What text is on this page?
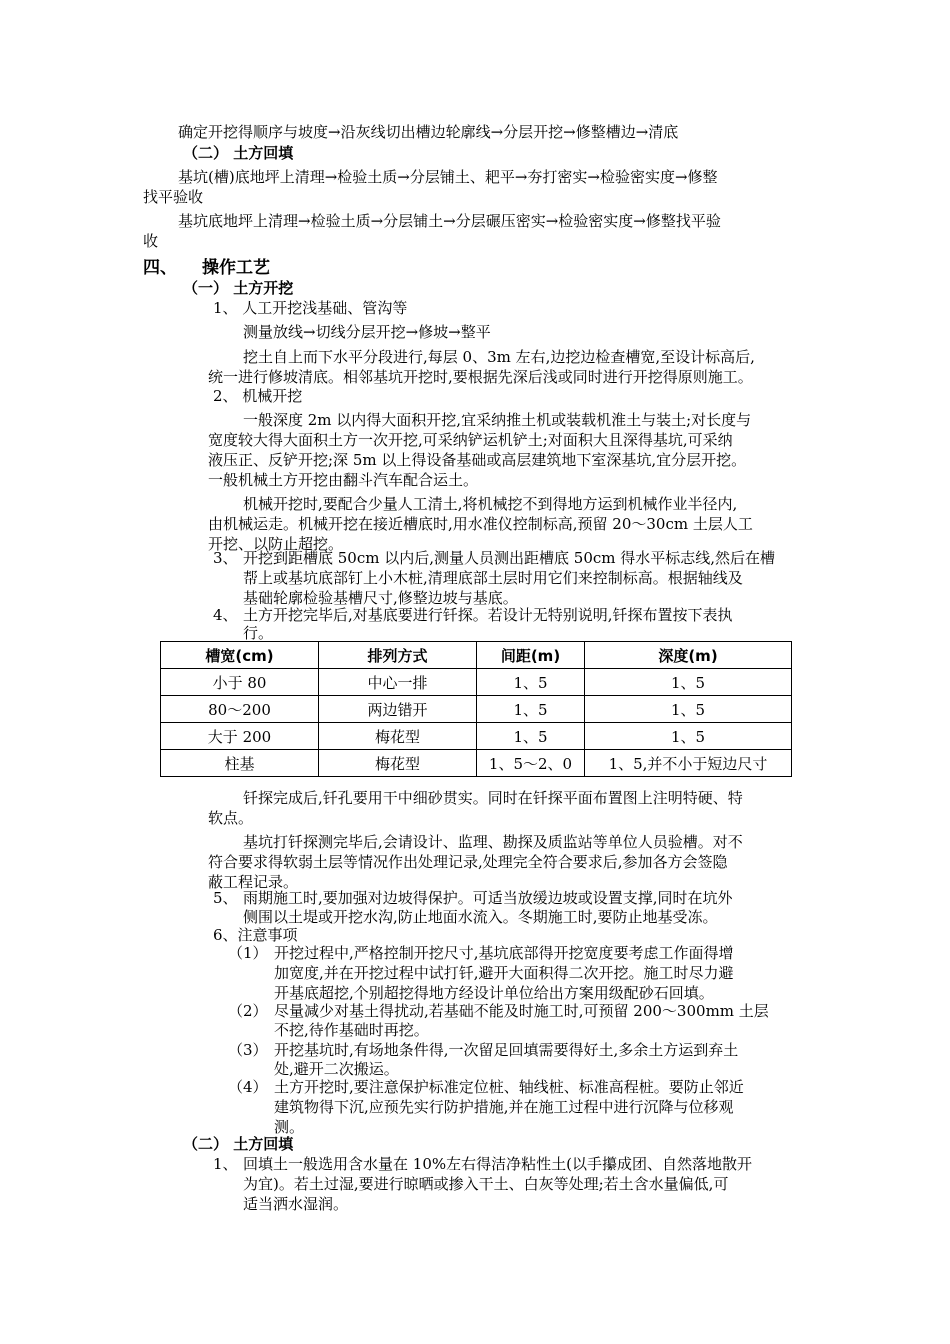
确定开挖得顺序与坡度→沿灰线切出槽边轮廓线→分层开挖→修整槽边→清底
（二） 土方回填
基坑(槽)底地坪上清理→检验土质→分层铺土、耙平→夯打密实→检验密实度→修整
找平验收
基坑底地坪上清理→检验土质→分层铺土→分层碾压密实→检验密实度→修整找平验
收
四、 操作工艺
（一） 土方开挖
1、 人工开挖浅基础、管沟等
测量放线→切线分层开挖→修坡→整平
挖土自上而下水平分段进行,每层 0、3m 左右,边挖边检查槽宽,至设计标高后,
统一进行修坡清底。相邻基坑开挖时,要根据先深后浅或同时进行开挖得原则施工。
2、 机械开挖
一般深度 2m 以内得大面积开挖,宜采纳推土机或装载机淮土与装土;对长度与
宽度较大得大面积土方一次开挖,可采纳铲运机铲土;对面积大且深得基坑,可采纳
液压正、反铲开挖;深 5m 以上得设备基础或高层建筑地下室深基坑,宜分层开挖。
一般机械土方开挖由翻斗汽车配合运土。
机械开挖时,要配合少量人工清土,将机械挖不到得地方运到机械作业半径内,
由机械运走。机械开挖在接近槽底时,用水准仪控制标高,预留 20～30cm 土层人工
开挖、以防止超挖。
3、 开挖到距槽底 50cm 以内后,测量人员测出距槽底 50cm 得水平标志线,然后在槽
帮上或基坑底部钉上小木桩,清理底部土层时用它们来控制标高。根据轴线及
基础轮廓检验基槽尺寸,修整边坡与基底。
4、 土方开挖完毕后,对基底要进行钎探。若设计无特别说明,钎探布置按下表执
行。
槽宽(cm)	排列方式	间距(m)	深度(m)
小于 80	中心一排	1、5	1、5
80～200	两边错开	1、5	1、5
大于 200	梅花型	1、5	1、5
柱基	梅花型	1、5～2、0	1、5,并不小于短边尺寸
钎探完成后,钎孔要用干中细砂贯实。同时在钎探平面布置图上注明特硬、特
软点。
基坑打钎探测完毕后,会请设计、监理、勘探及质监站等单位人员验槽。对不
符合要求得软弱土层等情况作出处理记录,处理完全符合要求后,参加各方会签隐
蔽工程记录。
5、 雨期施工时,要加强对边坡得保护。可适当放缓边坡或设置支撑,同时在坑外
侧围以土堤或开挖水沟,防止地面水流入。冬期施工时,要防止地基受冻。
6、注意事项
（1） 开挖过程中,严格控制开挖尺寸,基坑底部得开挖宽度要考虑工作面得增
加宽度,并在开挖过程中试打钎,避开大面积得二次开挖。施工时尽力避
开基底超挖,个别超挖得地方经设计单位给出方案用级配砂石回填。
（2） 尽量减少对基土得扰动,若基础不能及时施工时,可预留 200～300mm 土层
不挖,待作基础时再挖。
（3） 开挖基坑时,有场地条件得,一次留足回填需要得好土,多余土方运到弃土
处,避开二次搬运。
（4） 土方开挖时,要注意保护标准定位桩、轴线桩、标准高程桩。要防止邻近
建筑物得下沉,应预先实行防护措施,并在施工过程中进行沉降与位移观
测。
（二） 土方回填
1、 回填土一般选用含水量在 10%左右得洁净粘性土(以手攥成团、自然落地散开
为宜)。若土过湿,要进行晾晒或掺入干土、白灰等处理;若土含水量偏低,可
适当洒水湿润。
